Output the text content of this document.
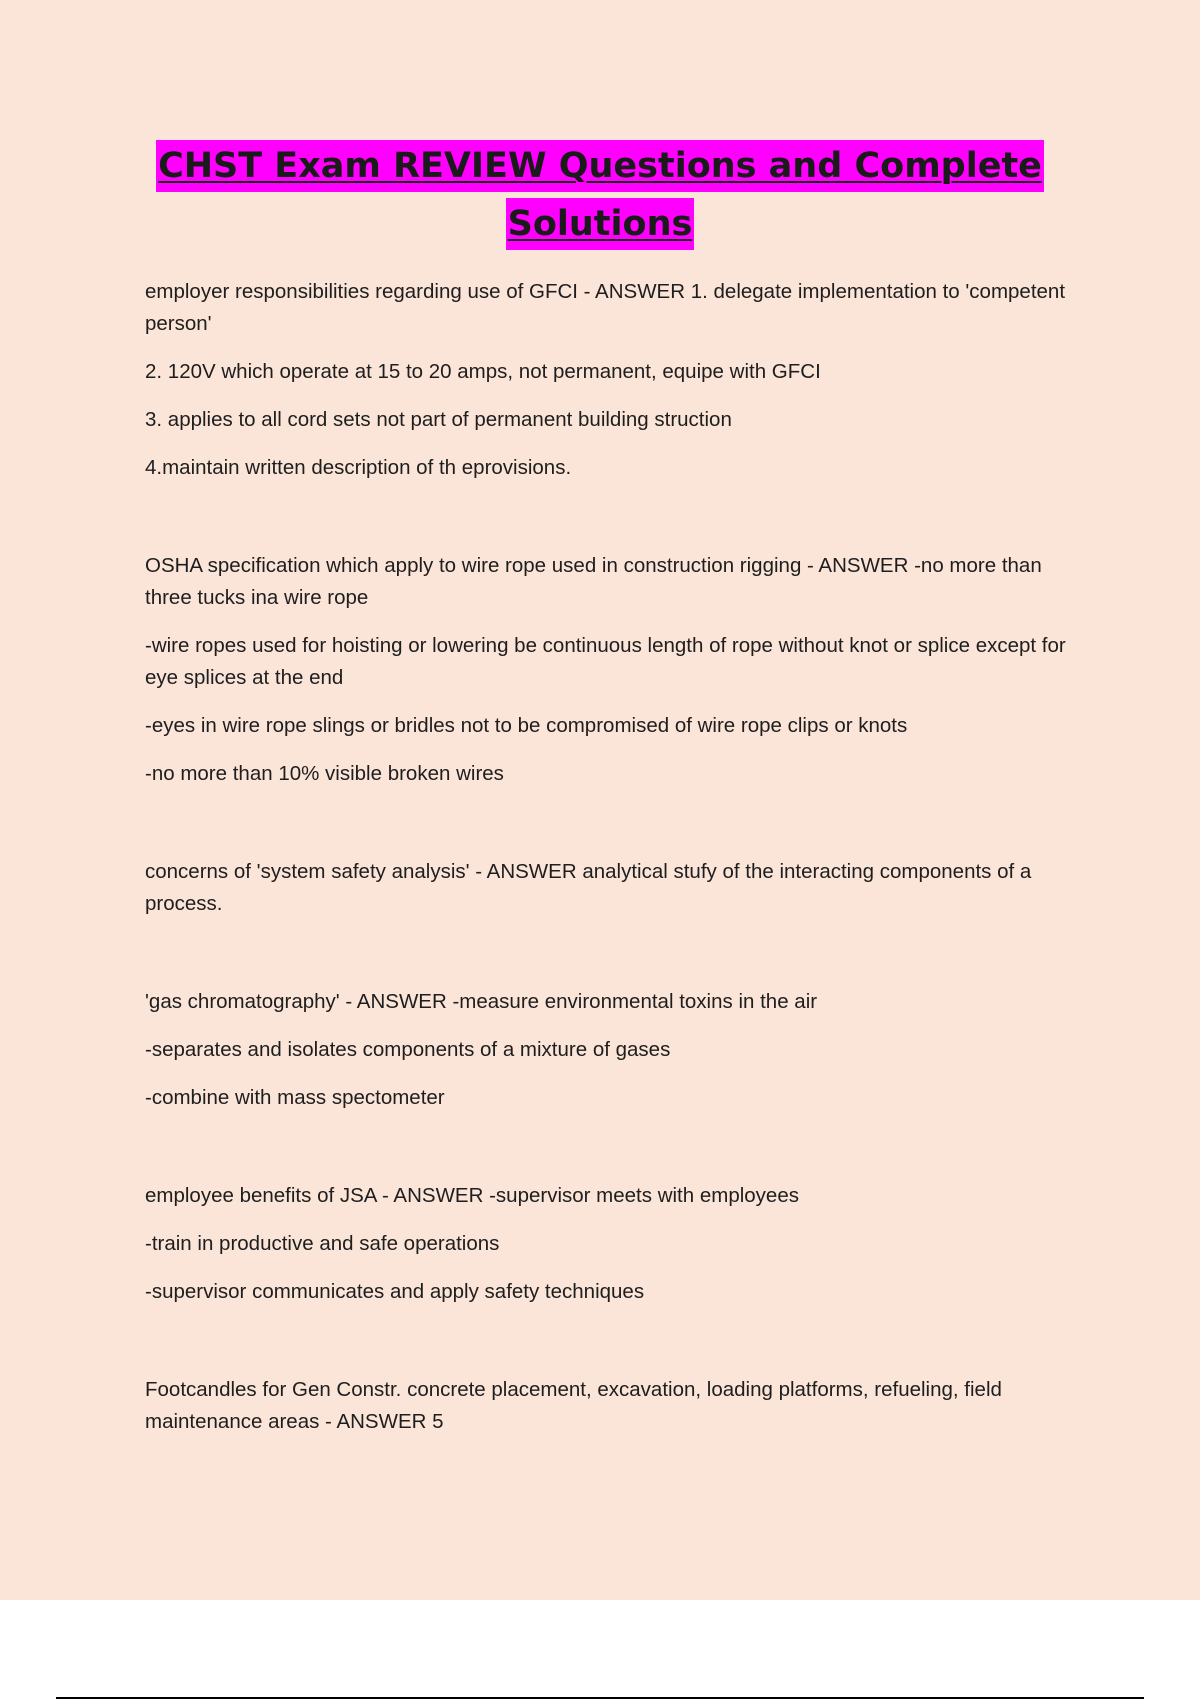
CHST Exam REVIEW Questions and Complete
Solutions

employer responsibilities regarding use of GFCI - ANSWER 1. delegate implementation to 'competent person'

2. 120V which operate at 15 to 20 amps, not permanent, equipe with GFCI

3. applies to all cord sets not part of permanent building struction

4.maintain written description of th eprovisions.

OSHA specification which apply to wire rope used in construction rigging - ANSWER -no more than three tucks ina wire rope

-wire ropes used for hoisting or lowering be continuous length of rope without knot or splice except for eye splices at the end

-eyes in wire rope slings or bridles not to be compromised of wire rope clips or knots

-no more than 10% visible broken wires

concerns of 'system safety analysis' - ANSWER analytical stufy of the interacting components of a process.

'gas chromatography' - ANSWER -measure environmental toxins in the air

-separates and isolates components of a mixture of gases

-combine with mass spectometer

employee benefits of JSA - ANSWER -supervisor meets with employees

-train in productive and safe operations

-supervisor communicates and apply safety techniques

Footcandles for Gen Constr. concrete placement, excavation, loading platforms, refueling, field maintenance areas - ANSWER 5
